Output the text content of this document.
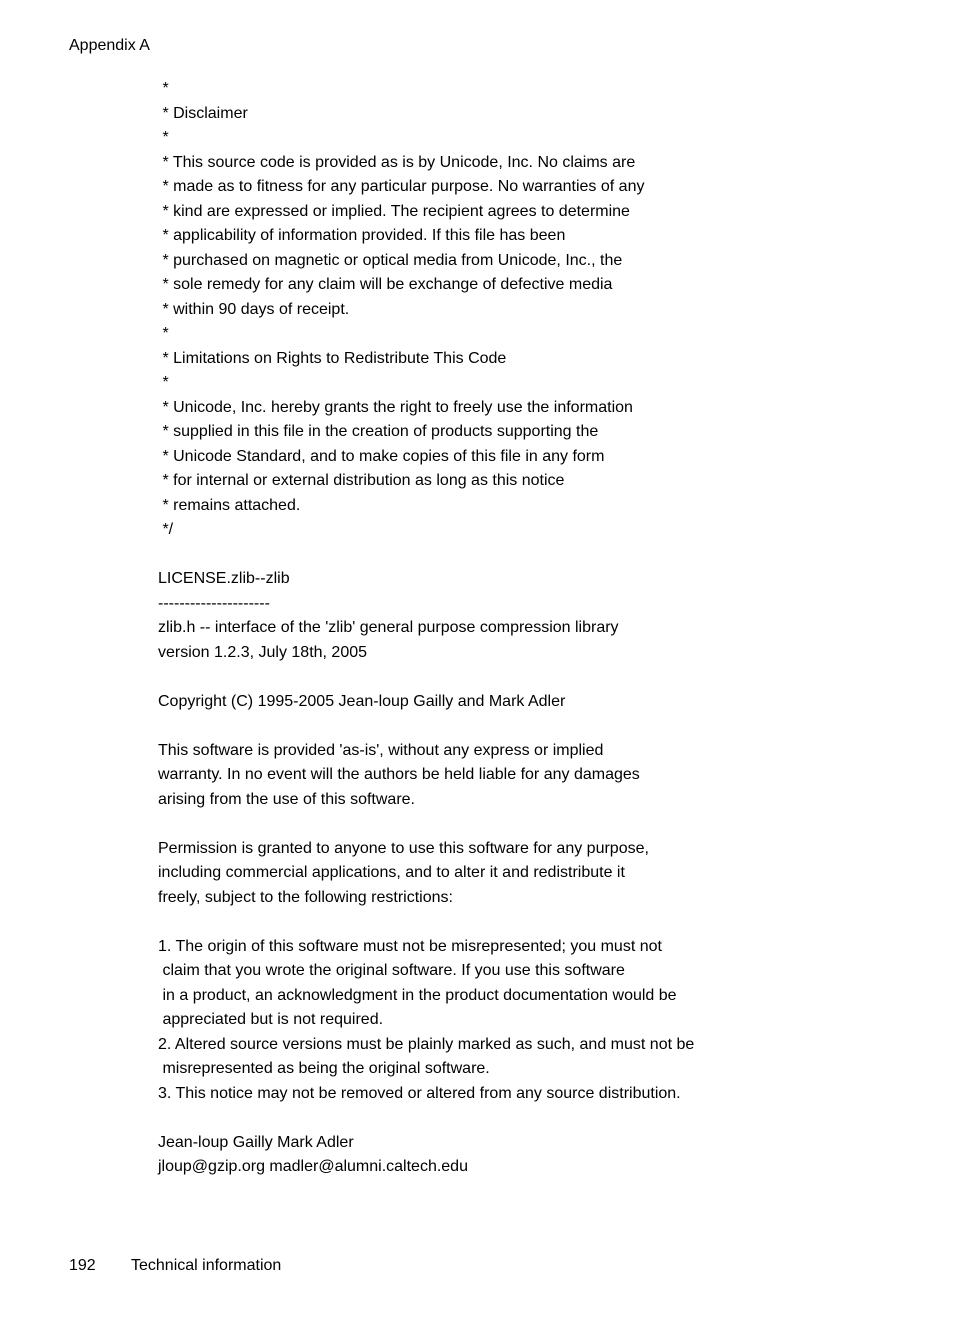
Appendix A
*
* Disclaimer
*
* This source code is provided as is by Unicode, Inc. No claims are
* made as to fitness for any particular purpose. No warranties of any
* kind are expressed or implied. The recipient agrees to determine
* applicability of information provided. If this file has been
* purchased on magnetic or optical media from Unicode, Inc., the
* sole remedy for any claim will be exchange of defective media
* within 90 days of receipt.
*
* Limitations on Rights to Redistribute This Code
*
* Unicode, Inc. hereby grants the right to freely use the information
* supplied in this file in the creation of products supporting the
* Unicode Standard, and to make copies of this file in any form
* for internal or external distribution as long as this notice
* remains attached.
*/
LICENSE.zlib--zlib
---------------------
zlib.h -- interface of the 'zlib' general purpose compression library
version 1.2.3, July 18th, 2005
Copyright (C) 1995-2005 Jean-loup Gailly and Mark Adler
This software is provided 'as-is', without any express or implied
warranty. In no event will the authors be held liable for any damages
arising from the use of this software.
Permission is granted to anyone to use this software for any purpose,
including commercial applications, and to alter it and redistribute it
freely, subject to the following restrictions:
1. The origin of this software must not be misrepresented; you must not
claim that you wrote the original software. If you use this software
in a product, an acknowledgment in the product documentation would be
appreciated but is not required.
2. Altered source versions must be plainly marked as such, and must not be
misrepresented as being the original software.
3. This notice may not be removed or altered from any source distribution.
Jean-loup Gailly Mark Adler
jloup@gzip.org madler@alumni.caltech.edu
192 Technical information
